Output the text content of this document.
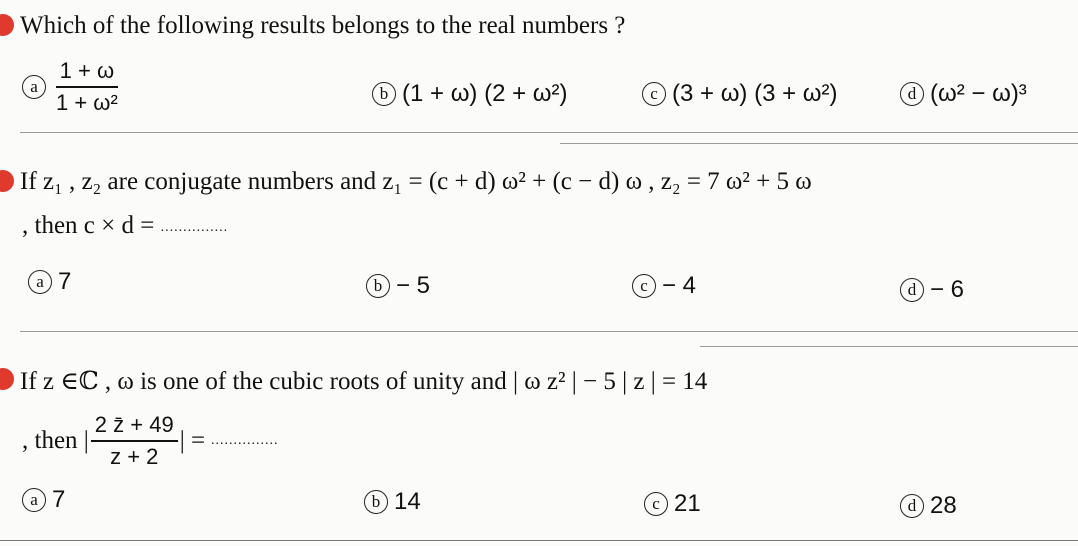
Which of the following results belongs to the real numbers ?
a $\frac{1 + \omega}{\text{1 + ω²}}$	b (1 + ω) (2 + ω²)	c (3 + ω) (3 + ω²)	d (ω² − ω)³
If z₁ , z₂ are conjugate numbers and z₁ = (c + d) ω² + (c − d) ω , z₂ = 7 ω² + 5 ω
, then c × d = ...............
a 7	b − 5	c − 4	d − 6
If z ∈ℂ , ω is one of the cubic roots of unity and | ω z² | − 5 | z | = 14
, then | $\frac{2 z̄ + 49}{z + 2}$ | = ...............
a 7	b 14	c 21	d 28
